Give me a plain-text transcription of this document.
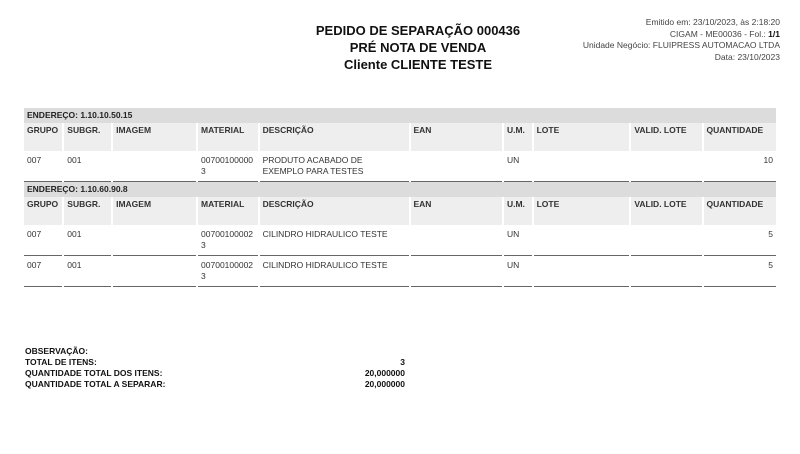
PEDIDO DE SEPARAÇÃO 000436
PRÉ NOTA DE VENDA
Cliente CLIENTE TESTE
Emitido em: 23/10/2023, às 2:18:20
CIGAM - ME00036 - Fol.: 1/1
Unidade Negócio: FLUIPRESS AUTOMACAO LTDA
Data: 23/10/2023
ENDEREÇO: 1.10.10.50.15									
GRUPO	SUBGR.	IMAGEM	MATERIAL	DESCRIÇÃO	EAN	U.M.	LOTE	VALID. LOTE	QUANTIDADE
007	001		007001000003	PRODUTO ACABADO DE EXEMPLO PARA TESTES		UN			10
ENDEREÇO: 1.10.60.90.8									
GRUPO	SUBGR.	IMAGEM	MATERIAL	DESCRIÇÃO	EAN	U.M.	LOTE	VALID. LOTE	QUANTIDADE
007	001		007001000023	CILINDRO HIDRAULICO TESTE		UN			5
007	001		007001000023	CILINDRO HIDRAULICO TESTE		UN			5
OBSERVAÇÃO:
TOTAL DE ITENS:	3
QUANTIDADE TOTAL DOS ITENS:	20,000000
QUANTIDADE TOTAL A SEPARAR:	20,000000
